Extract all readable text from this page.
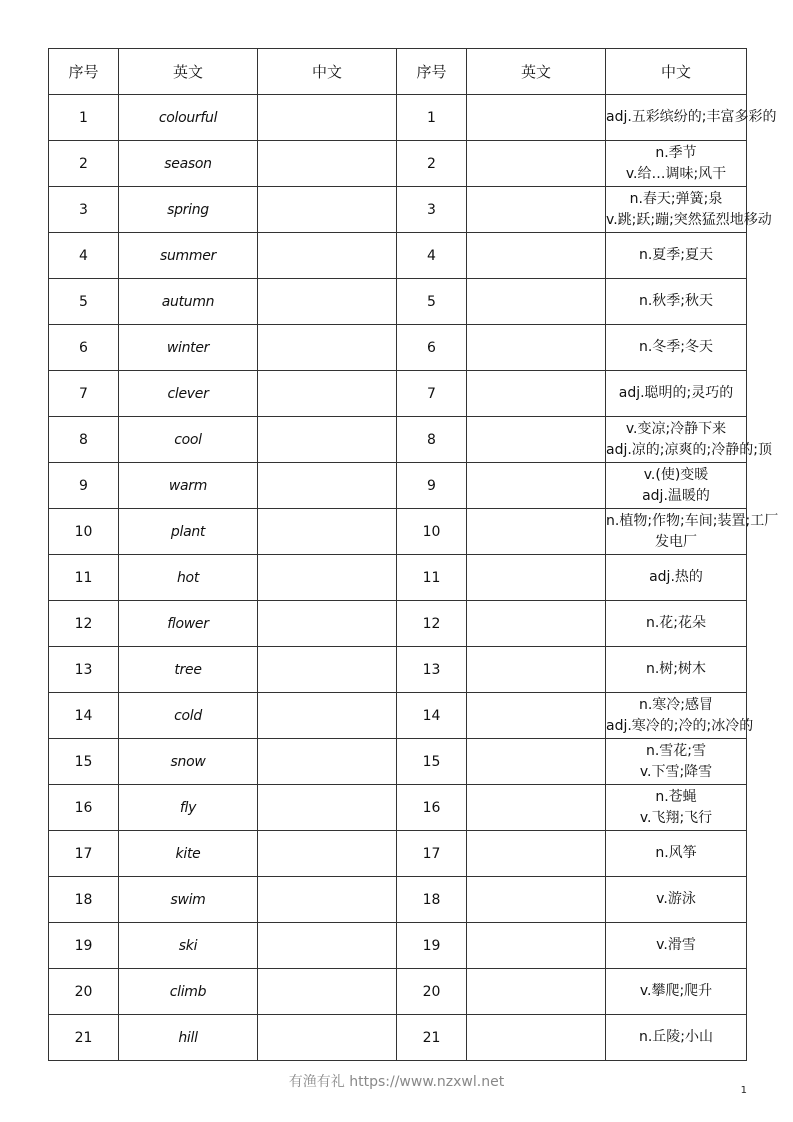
序号	英文	中文	序号	英文	中文
1	colourful		1		adj.五彩缤纷的;丰富多彩的

2	season		2		n.季节
v.给…调味;风干

3	spring		3		n.春天;弹簧;泉
v.跳;跃;蹦;突然猛烈地移动

4	summer		4		n.夏季;夏天

5	autumn		5		n.秋季;秋天

6	winter		6		n.冬季;冬天

7	clever		7		adj.聪明的;灵巧的

8	cool		8		v.变凉;冷静下来
adj.凉的;凉爽的;冷静的;顶

9	warm		9		v.(使)变暖
adj.温暖的

10	plant		10		n.植物;作物;车间;装置;工厂
发电厂

11	hot		11		adj.热的

12	flower		12		n.花;花朵

13	tree		13		n.树;树木

14	cold		14		n.寒冷;感冒
adj.寒冷的;冷的;冰冷的

15	snow		15		n.雪花;雪
v.下雪;降雪

16	fly		16		n.苍蝇
v.飞翔;飞行

17	kite		17		n.风筝

18	swim		18		v.游泳

19	ski		19		v.滑雪

20	climb		20		v.攀爬;爬升

21	hill		21		n.丘陵;小山
有渔有礼 https://www.nzxwl.net
1
